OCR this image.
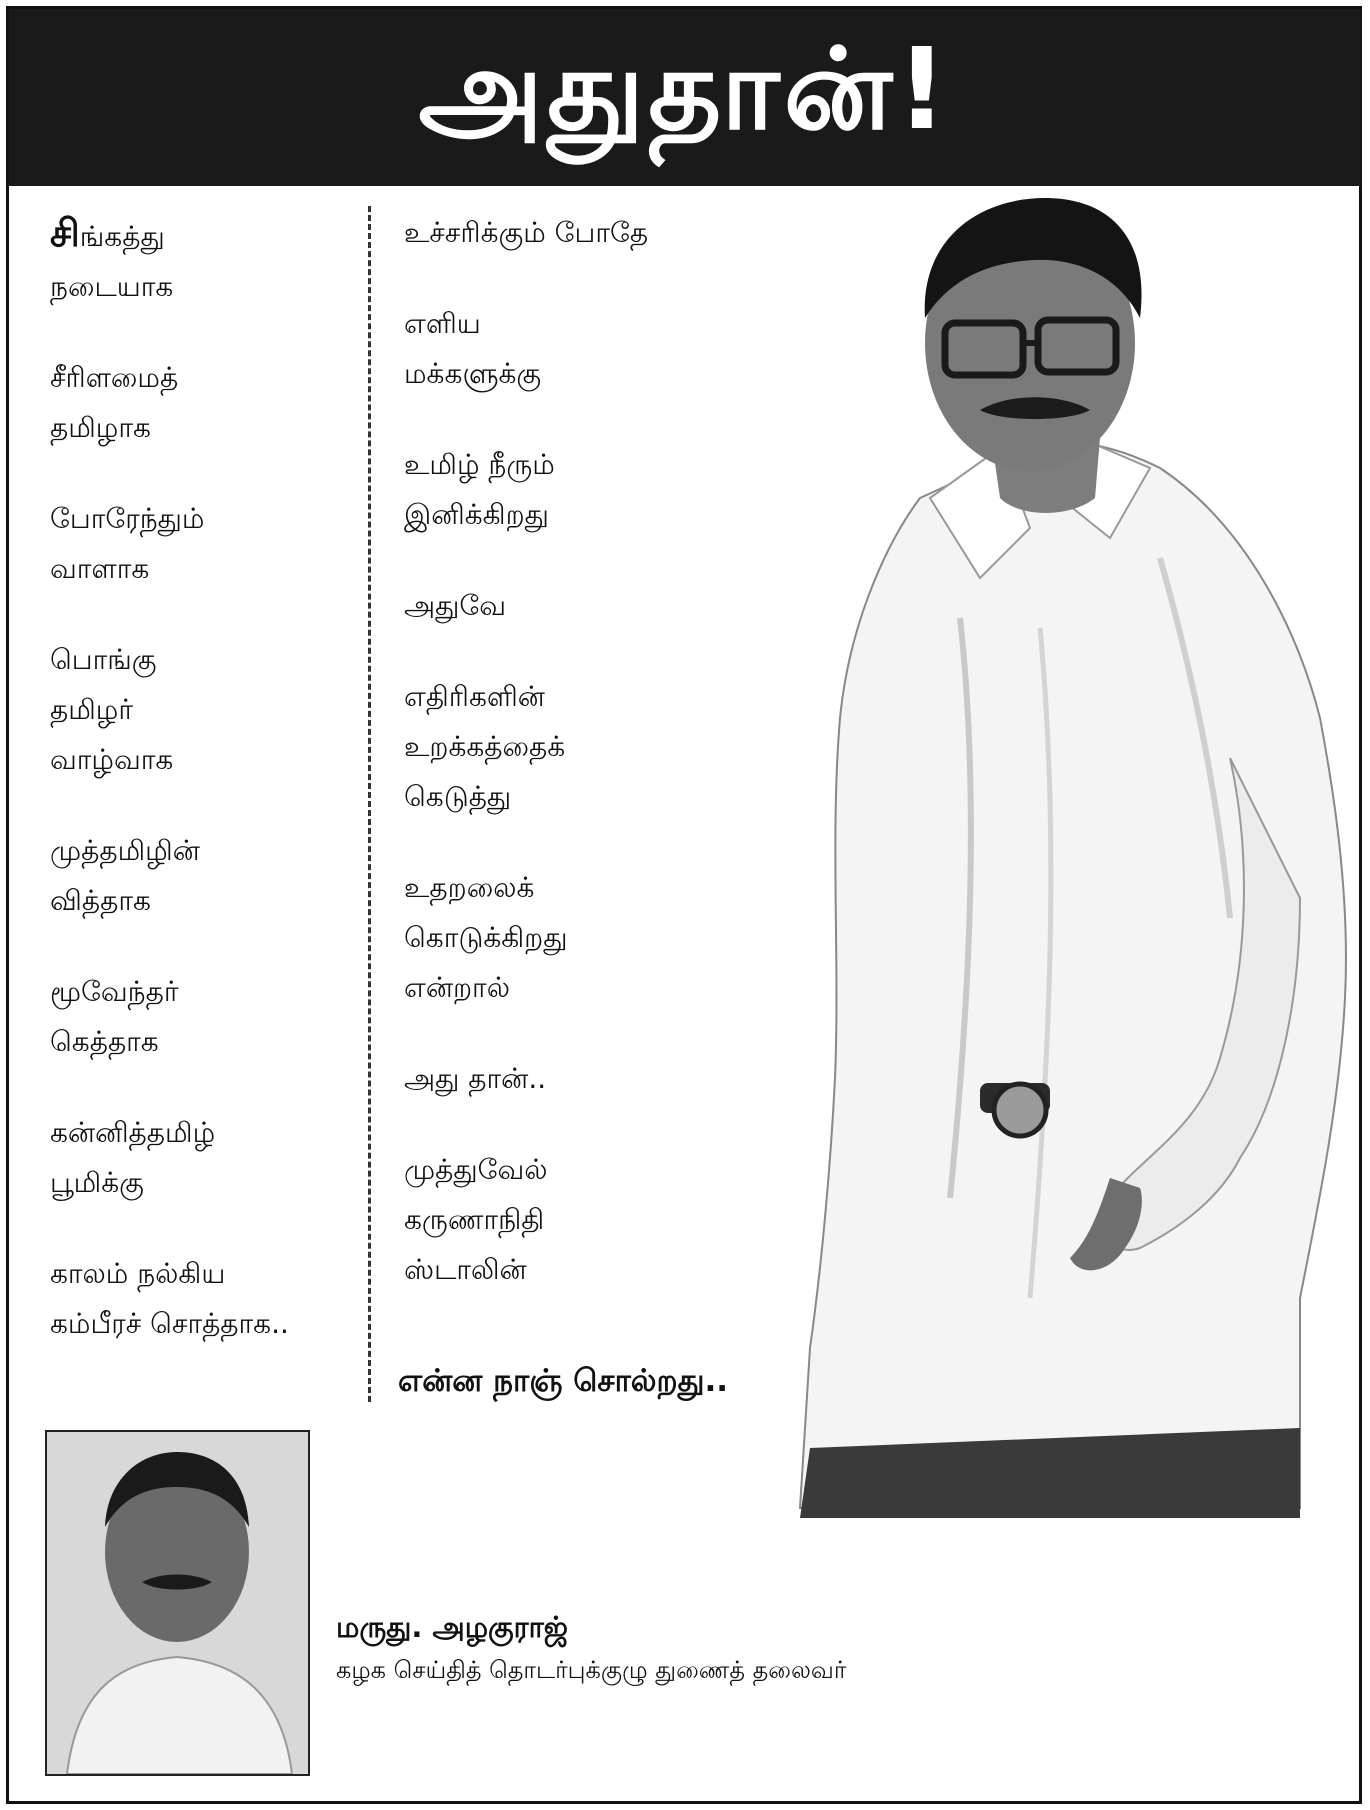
அதுதான்!
சிங்கத்து
நடையாக
சீரிளமைத்
தமிழாக
போரேந்தும்
வாளாக
பொங்கு
தமிழர்
வாழ்வாக
முத்தமிழின்
வித்தாக
மூவேந்தர்
கெத்தாக
கன்னித்தமிழ்
பூமிக்கு
காலம் நல்கிய
கம்பீரச் சொத்தாக..
உச்சரிக்கும் போதே
எளிய
மக்களுக்கு
உமிழ் நீரும்
இனிக்கிறது
அதுவே
எதிரிகளின்
உறக்கத்தைக்
கெடுத்து
உதறலைக்
கொடுக்கிறது
என்றால்
அது தான்..
முத்துவேல்
கருணாநிதி
ஸ்டாலின்
என்ன நாஞ் சொல்றது..
மருது. அழகுராஜ்
கழக செய்தித் தொடர்புக்குழு துணைத் தலைவர்
